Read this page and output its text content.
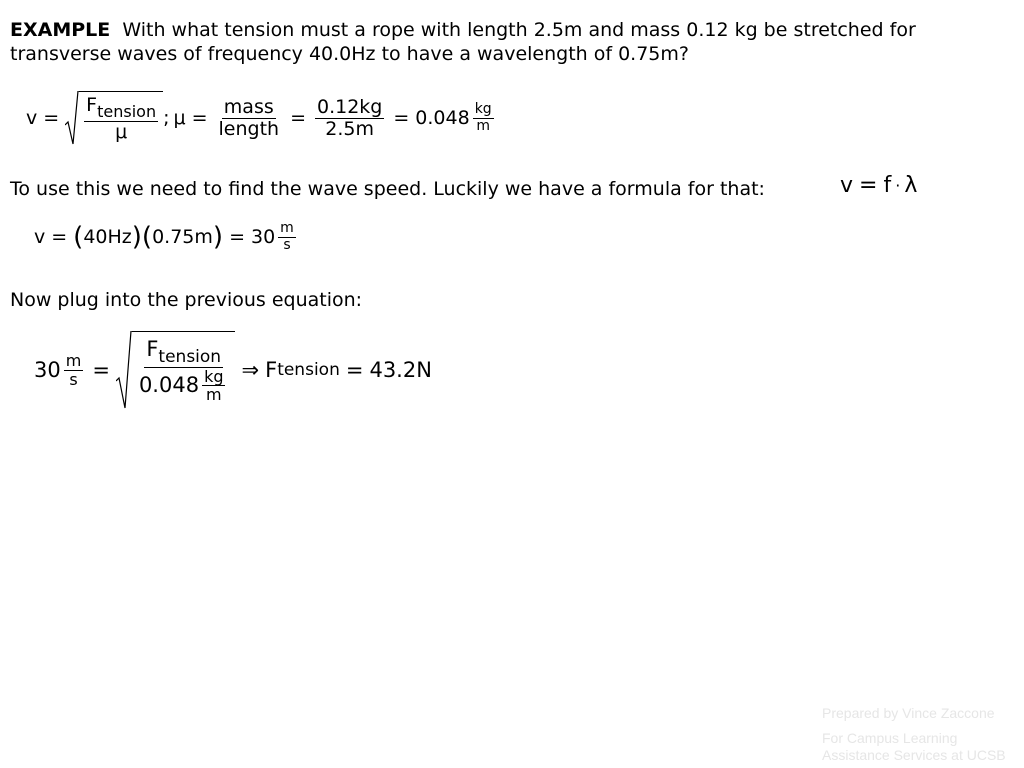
EXAMPLE With what tension must a rope with length 2.5m and mass 0.12 kg be stretched for transverse waves of frequency 40.0Hz to have a wavelength of 0.75m?
$v = \frac{F_{tension}}{\mu}$ ; $\mu = \frac{\text{mass}}{\text{length}} = \frac{0.12kg}{2.5m} = 0.048 \frac{kg}{m}$
To use this we need to find the wave speed. Luckily we have a formula for that:	v = f · λ
v = ( 40Hz ) ( 0.75m ) = $30 \frac{m}{s}$
Now plug into the previous equation:
$30 \frac{m}{s} = \frac{F_{tension}}{0.048 \frac{kg}{m}}$ ⇒ F tension = 43.2N
Prepared by Vince Zaccone
For Campus Learning
Assistance Services at UCSB
